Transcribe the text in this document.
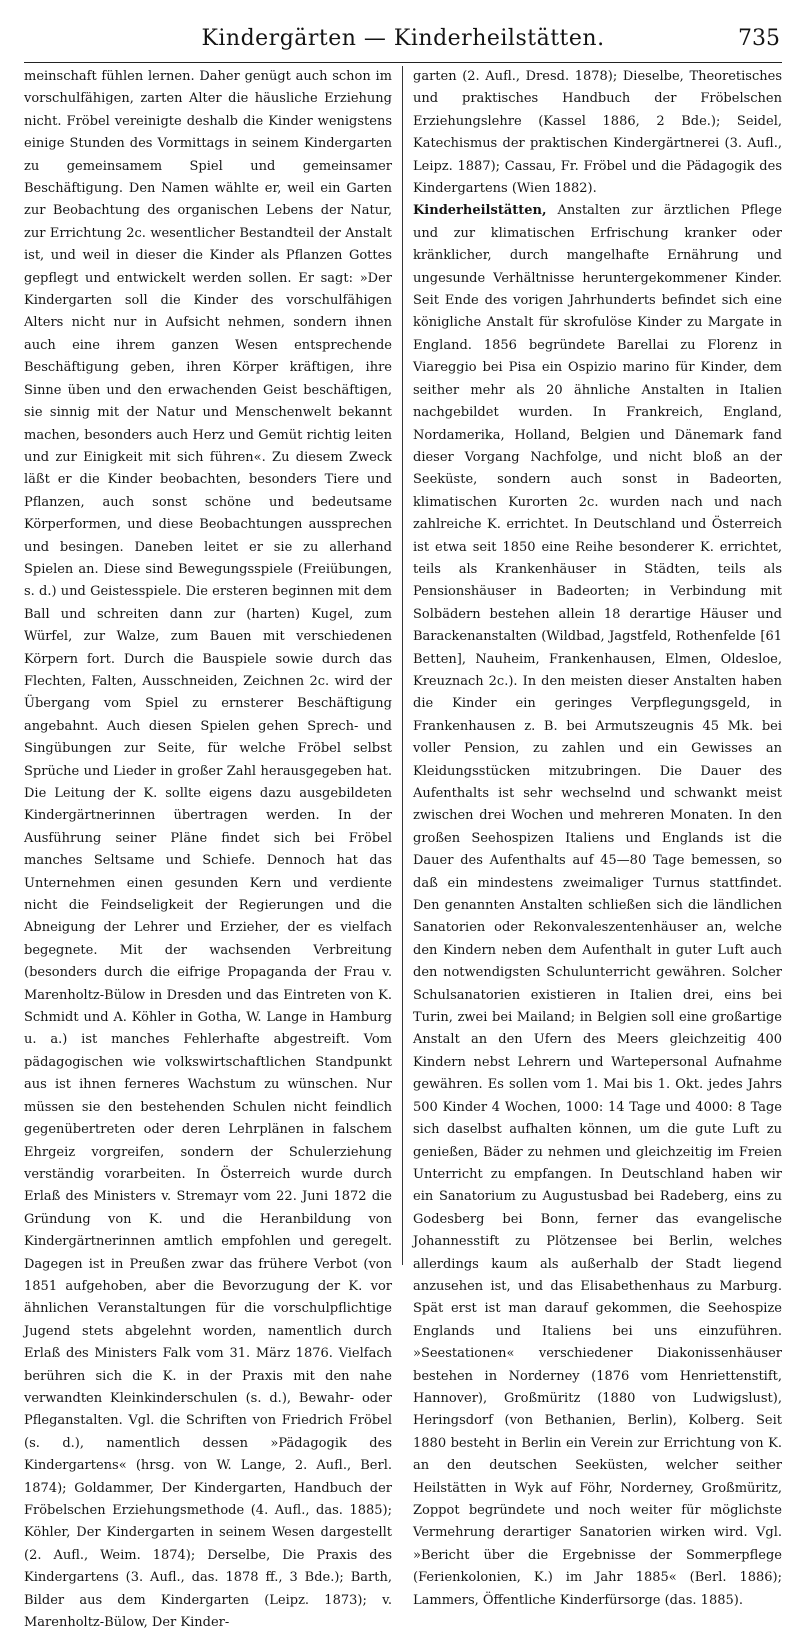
Kindergärten — Kinderheilstätten.	735

meinschaft fühlen lernen. Daher genügt auch schon im vorschulfähigen, zarten Alter die häusliche Erziehung nicht. Fröbel vereinigte deshalb die Kinder wenigstens einige Stunden des Vormittags in seinem Kindergarten zu gemeinsamem Spiel und gemeinsamer Beschäftigung. Den Namen wählte er, weil ein Garten zur Beobachtung des organischen Lebens der Natur, zur Errichtung 2c. wesentlicher Bestandteil der Anstalt ist, und weil in dieser die Kinder als Pflanzen Gottes gepflegt und entwickelt werden sollen. Er sagt: »Der Kindergarten soll die Kinder des vorschulfähigen Alters nicht nur in Aufsicht nehmen, sondern ihnen auch eine ihrem ganzen Wesen entsprechende Beschäftigung geben, ihren Körper kräftigen, ihre Sinne üben und den erwachenden Geist beschäftigen, sie sinnig mit der Natur und Menschenwelt bekannt machen, besonders auch Herz und Gemüt richtig leiten und zur Einigkeit mit sich führen«. Zu diesem Zweck läßt er die Kinder beobachten, besonders Tiere und Pflanzen, auch sonst schöne und bedeutsame Körperformen, und diese Beobachtungen aussprechen und besingen. Daneben leitet er sie zu allerhand Spielen an. Diese sind Bewegungsspiele (Freiübungen, s. d.) und Geistesspiele. Die ersteren beginnen mit dem Ball und schreiten dann zur (harten) Kugel, zum Würfel, zur Walze, zum Bauen mit verschiedenen Körpern fort. Durch die Bauspiele sowie durch das Flechten, Falten, Ausschneiden, Zeichnen 2c. wird der Übergang vom Spiel zu ernsterer Beschäftigung angebahnt. Auch diesen Spielen gehen Sprech- und Singübungen zur Seite, für welche Fröbel selbst Sprüche und Lieder in großer Zahl herausgegeben hat. Die Leitung der K. sollte eigens dazu ausgebildeten Kindergärtnerinnen übertragen werden. In der Ausführung seiner Pläne findet sich bei Fröbel manches Seltsame und Schiefe. Dennoch hat das Unternehmen einen gesunden Kern und verdiente nicht die Feindseligkeit der Regierungen und die Abneigung der Lehrer und Erzieher, der es vielfach begegnete. Mit der wachsenden Verbreitung (besonders durch die eifrige Propaganda der Frau v. Marenholtz-Bülow in Dresden und das Eintreten von K. Schmidt und A. Köhler in Gotha, W. Lange in Hamburg u. a.) ist manches Fehlerhafte abgestreift. Vom pädagogischen wie volkswirtschaftlichen Standpunkt aus ist ihnen ferneres Wachstum zu wünschen. Nur müssen sie den bestehenden Schulen nicht feindlich gegenübertreten oder deren Lehrplänen in falschem Ehrgeiz vorgreifen, sondern der Schulerziehung verständig vorarbeiten. In Österreich wurde durch Erlaß des Ministers v. Stremayr vom 22. Juni 1872 die Gründung von K. und die Heranbildung von Kindergärtnerinnen amtlich empfohlen und geregelt. Dagegen ist in Preußen zwar das frühere Verbot (von 1851 aufgehoben, aber die Bevorzugung der K. vor ähnlichen Veranstaltungen für die vorschulpflichtige Jugend stets abgelehnt worden, namentlich durch Erlaß des Ministers Falk vom 31. März 1876. Vielfach berühren sich die K. in der Praxis mit den nahe verwandten Kleinkinderschulen (s. d.), Bewahr- oder Pfleganstalten. Vgl. die Schriften von Friedrich Fröbel (s. d.), namentlich dessen »Pädagogik des Kindergartens« (hrsg. von W. Lange, 2. Aufl., Berl. 1874); Goldammer, Der Kindergarten, Handbuch der Fröbelschen Erziehungsmethode (4. Aufl., das. 1885); Köhler, Der Kindergarten in seinem Wesen dargestellt (2. Aufl., Weim. 1874); Derselbe, Die Praxis des Kindergartens (3. Aufl., das. 1878 ff., 3 Bde.); Barth, Bilder aus dem Kindergarten (Leipz. 1873); v. Marenholtz-Bülow, Der Kinder-

garten (2. Aufl., Dresd. 1878); Dieselbe, Theoretisches und praktisches Handbuch der Fröbelschen Erziehungslehre (Kassel 1886, 2 Bde.); Seidel, Katechismus der praktischen Kindergärtnerei (3. Aufl., Leipz. 1887); Cassau, Fr. Fröbel und die Pädagogik des Kindergartens (Wien 1882).

Kinderheilstätten, Anstalten zur ärztlichen Pflege und zur klimatischen Erfrischung kranker oder kränklicher, durch mangelhafte Ernährung und ungesunde Verhältnisse heruntergekommener Kinder. Seit Ende des vorigen Jahrhunderts befindet sich eine königliche Anstalt für skrofulöse Kinder zu Margate in England. 1856 begründete Barellai zu Florenz in Viareggio bei Pisa ein Ospizio marino für Kinder, dem seither mehr als 20 ähnliche Anstalten in Italien nachgebildet wurden. In Frankreich, England, Nordamerika, Holland, Belgien und Dänemark fand dieser Vorgang Nachfolge, und nicht bloß an der Seeküste, sondern auch sonst in Badeorten, klimatischen Kurorten 2c. wurden nach und nach zahlreiche K. errichtet. In Deutschland und Österreich ist etwa seit 1850 eine Reihe besonderer K. errichtet, teils als Krankenhäuser in Städten, teils als Pensionshäuser in Badeorten; in Verbindung mit Solbädern bestehen allein 18 derartige Häuser und Barackenanstalten (Wildbad, Jagstfeld, Rothenfelde [61 Betten], Nauheim, Frankenhausen, Elmen, Oldesloe, Kreuznach 2c.). In den meisten dieser Anstalten haben die Kinder ein geringes Verpflegungsgeld, in Frankenhausen z. B. bei Armutszeugnis 45 Mk. bei voller Pension, zu zahlen und ein Gewisses an Kleidungsstücken mitzubringen. Die Dauer des Aufenthalts ist sehr wechselnd und schwankt meist zwischen drei Wochen und mehreren Monaten. In den großen Seehospizen Italiens und Englands ist die Dauer des Aufenthalts auf 45—80 Tage bemessen, so daß ein mindestens zweimaliger Turnus stattfindet. Den genannten Anstalten schließen sich die ländlichen Sanatorien oder Rekonvaleszentenhäuser an, welche den Kindern neben dem Aufenthalt in guter Luft auch den notwendigsten Schulunterricht gewähren. Solcher Schulsanatorien existieren in Italien drei, eins bei Turin, zwei bei Mailand; in Belgien soll eine großartige Anstalt an den Ufern des Meers gleichzeitig 400 Kindern nebst Lehrern und Wartepersonal Aufnahme gewähren. Es sollen vom 1. Mai bis 1. Okt. jedes Jahrs 500 Kinder 4 Wochen, 1000: 14 Tage und 4000: 8 Tage sich daselbst aufhalten können, um die gute Luft zu genießen, Bäder zu nehmen und gleichzeitig im Freien Unterricht zu empfangen. In Deutschland haben wir ein Sanatorium zu Augustusbad bei Radeberg, eins zu Godesberg bei Bonn, ferner das evangelische Johannesstift zu Plötzensee bei Berlin, welches allerdings kaum als außerhalb der Stadt liegend anzusehen ist, und das Elisabethenhaus zu Marburg. Spät erst ist man darauf gekommen, die Seehospize Englands und Italiens bei uns einzuführen. »Seestationen« verschiedener Diakonissenhäuser bestehen in Norderney (1876 vom Henriettenstift, Hannover), Großmüritz (1880 von Ludwigslust), Heringsdorf (von Bethanien, Berlin), Kolberg. Seit 1880 besteht in Berlin ein Verein zur Errichtung von K. an den deutschen Seeküsten, welcher seither Heilstätten in Wyk auf Föhr, Norderney, Großmüritz, Zoppot begründete und noch weiter für möglichste Vermehrung derartiger Sanatorien wirken wird. Vgl. »Bericht über die Ergebnisse der Sommerpflege (Ferienkolonien, K.) im Jahr 1885« (Berl. 1886); Lammers, Öffentliche Kinderfürsorge (das. 1885).
